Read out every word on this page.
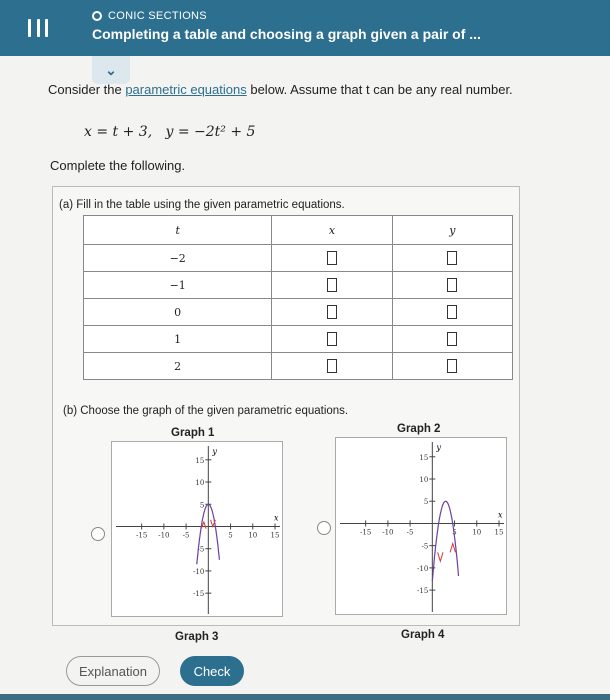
CONIC SECTIONS
Completing a table and choosing a graph given a pair of ...
⌄
Consider the parametric equations below. Assume that t can be any real number.
x = t + 3, y = −2t² + 5
Complete the following.
(a) Fill in the table using the given parametric equations.
t	x	y
−2		
−1		
0		
1		
2		
(b) Choose the graph of the given parametric equations.
Graph 1	Graph 2
x
y
-15 -10 -5	5 10 15
15
10
5
-5
-10
-15
x
y
-15 -10 -5	5 10 15
15
10
5
-5
-10
-15
Graph 3	Graph 4
Explanation	Check
